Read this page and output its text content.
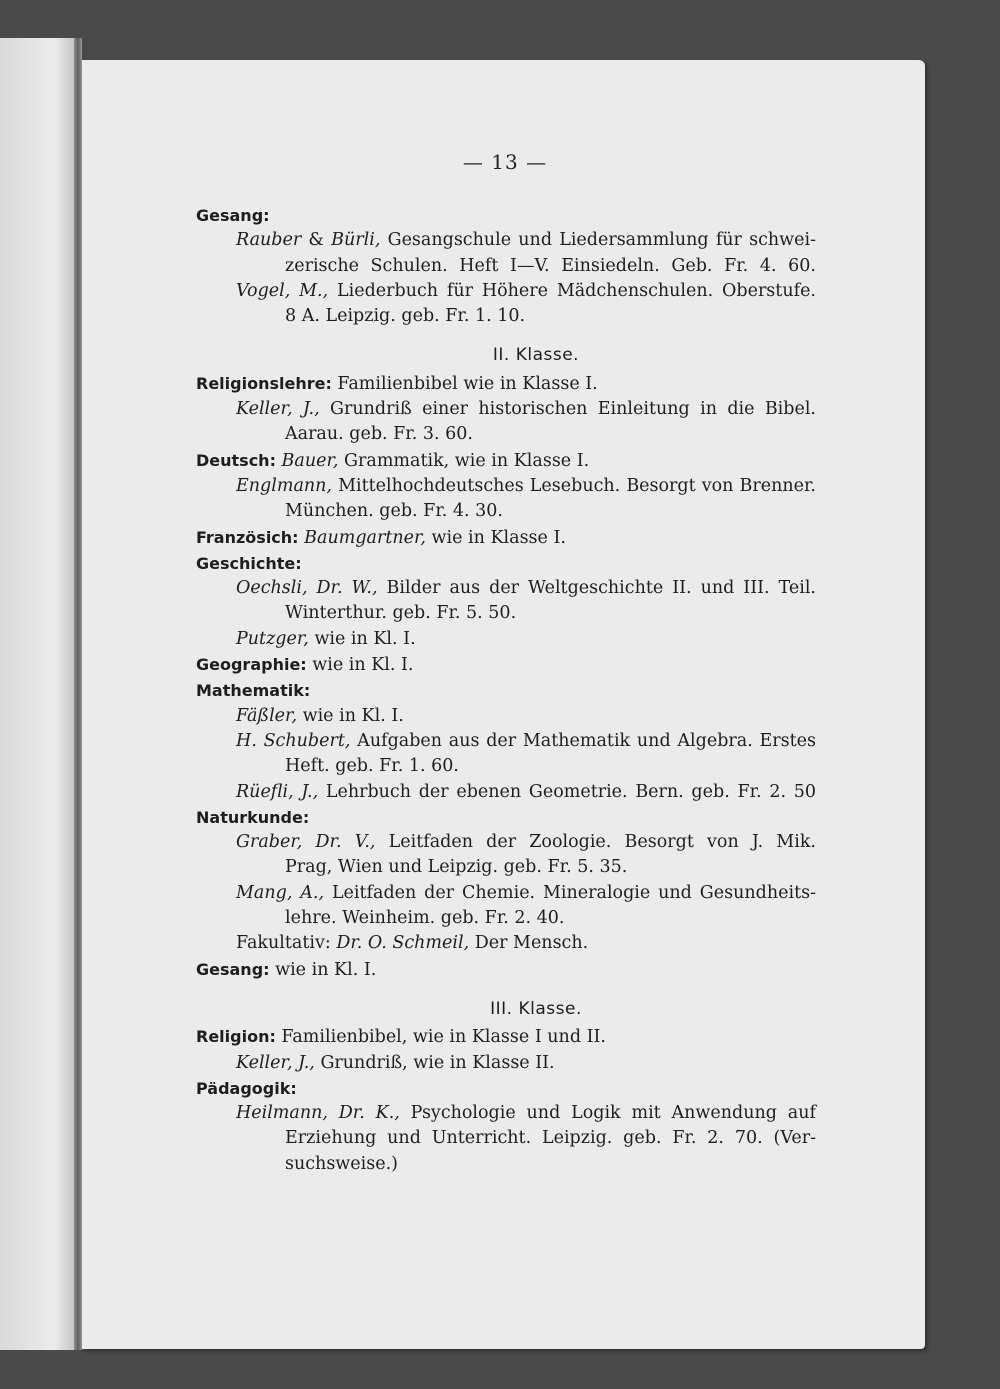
— 13 —
Gesang:
Rauber & Bürli, Gesangschule und Liedersammlung für schwei-
zerische Schulen. Heft I—V. Einsiedeln. Geb. Fr. 4. 60.
Vogel, M., Liederbuch für Höhere Mädchenschulen. Oberstufe.
8 A. Leipzig. geb. Fr. 1. 10.
II. Klasse.
Religionslehre: Familienbibel wie in Klasse I.
Keller, J., Grundriß einer historischen Einleitung in die Bibel.
Aarau. geb. Fr. 3. 60.
Deutsch: Bauer, Grammatik, wie in Klasse I.
Englmann, Mittelhochdeutsches Lesebuch. Besorgt von Brenner.
München. geb. Fr. 4. 30.
Französich: Baumgartner, wie in Klasse I.
Geschichte:
Oechsli, Dr. W., Bilder aus der Weltgeschichte II. und III. Teil.
Winterthur. geb. Fr. 5. 50.
Putzger, wie in Kl. I.
Geographie: wie in Kl. I.
Mathematik:
Fäßler, wie in Kl. I.
H. Schubert, Aufgaben aus der Mathematik und Algebra. Erstes
Heft. geb. Fr. 1. 60.
Rüefli, J., Lehrbuch der ebenen Geometrie. Bern. geb. Fr. 2. 50
Naturkunde:
Graber, Dr. V., Leitfaden der Zoologie. Besorgt von J. Mik.
Prag, Wien und Leipzig. geb. Fr. 5. 35.
Mang, A., Leitfaden der Chemie. Mineralogie und Gesundheits-
lehre. Weinheim. geb. Fr. 2. 40.
Fakultativ: Dr. O. Schmeil, Der Mensch.
Gesang: wie in Kl. I.
III. Klasse.
Religion: Familienbibel, wie in Klasse I und II.
Keller, J., Grundriß, wie in Klasse II.
Pädagogik:
Heilmann, Dr. K., Psychologie und Logik mit Anwendung auf
Erziehung und Unterricht. Leipzig. geb. Fr. 2. 70. (Ver-
suchsweise.)
